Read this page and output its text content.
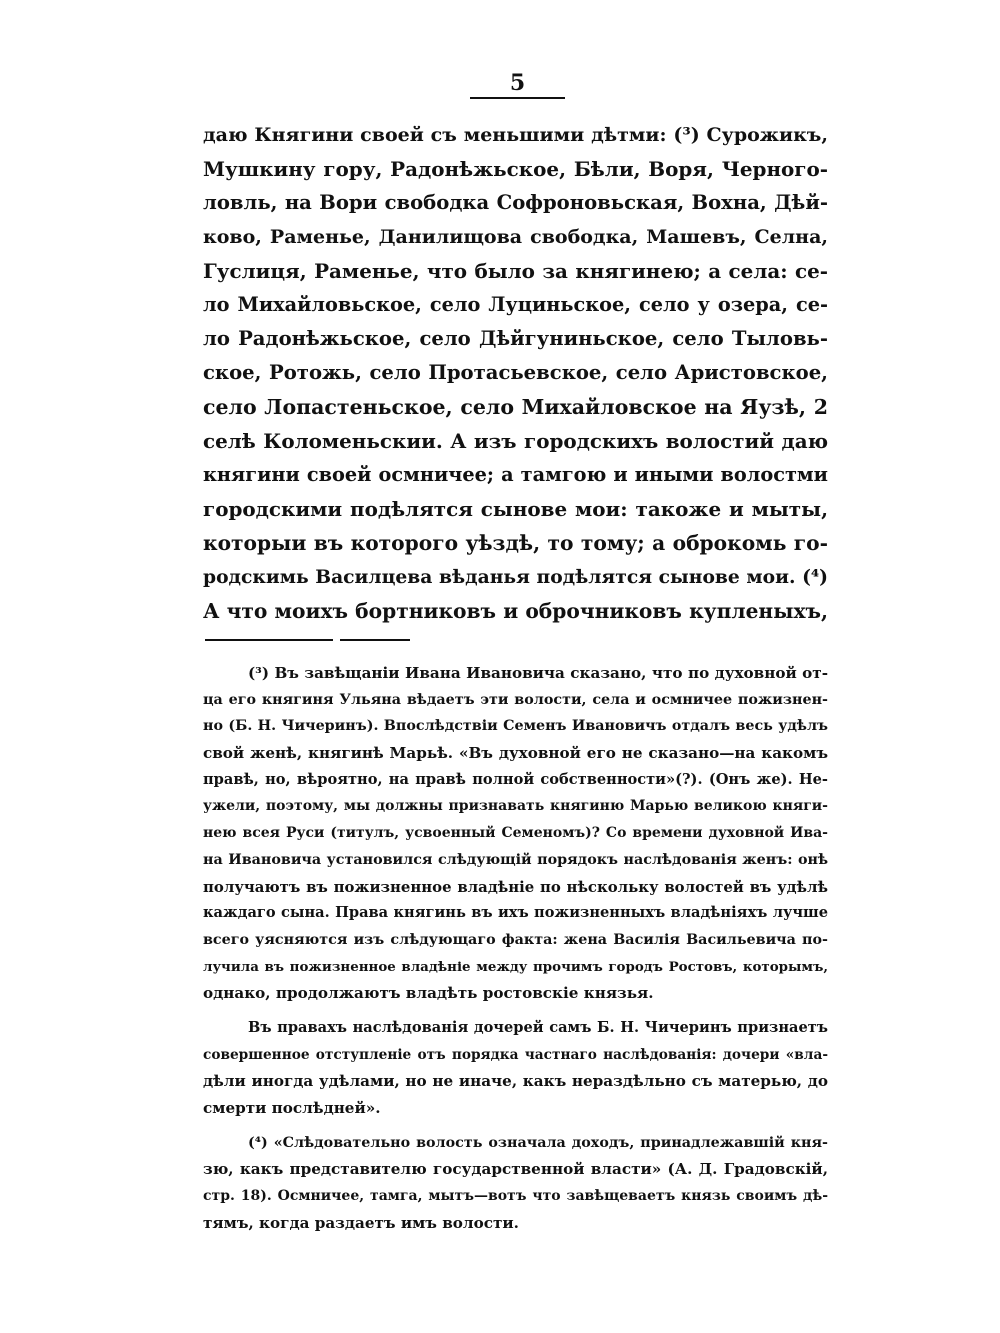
5
даю Княгини своей съ меньшими дѣтми: (³) Сурожикъ,
Мушкину гору, Радонѣжьское, Бѣли, Воря, Черного-
ловль, на Вори свободка Софроновьская, Вохна, Дѣй-
ково, Раменье, Данилищова свободка, Машевъ, Селна,
Гуслиця, Раменье, что было за княгинею; а села: се-
ло Михайловьское, село Луциньское, село у озера, се-
ло Радонѣжьское, село Дѣйгуниньское, село Тыловь-
ское, Ротожь, село Протасьевское, село Аристовское,
село Лопастеньское, село Михайловское на Яузѣ, 2
селѣ Коломеньскии. А изъ городскихъ волостий даю
княгини своей осмничее; а тамгою и иными волостми
городскими подѣлятся сынове мои: такоже и мыты,
которыи въ которого уѣздѣ, то тому; а оброкомь го-
родскимь Василцева вѣданья подѣлятся сынове мои. (⁴)
А что моихъ бортниковъ и оброчниковъ купленыхъ,
(³) Въ завѣщаніи Ивана Ивановича сказано, что по духовной от-
ца его княгиня Ульяна вѣдаетъ эти волости, села и осмничее пожизнен-
но (Б. Н. Чичеринъ). Впослѣдствіи Семенъ Ивановичъ отдалъ весь удѣлъ
свой женѣ, княгинѣ Марьѣ. «Въ духовной его не сказано—на какомъ
правѣ, но, вѣроятно, на правѣ полной собственности»(?). (Онъ же). Не-
ужели, поэтому, мы должны признавать княгиню Марью великою княги-
нею всея Руси (титулъ, усвоенный Семеномъ)? Со времени духовной Ива-
на Ивановича установился слѣдующій порядокъ наслѣдованія женъ: онѣ
получаютъ въ пожизненное владѣніе по нѣскольку волостей въ удѣлѣ
каждаго сына. Права княгинь въ ихъ пожизненныхъ владѣніяхъ лучше
всего уясняются изъ слѣдующаго факта: жена Василія Васильевича по-
лучила въ пожизненное владѣніе между прочимъ городъ Ростовъ, которымъ,
однако, продолжаютъ владѣть ростовскіе князья.
Въ правахъ наслѣдованія дочерей самъ Б. Н. Чичеринъ признаетъ
совершенное отступленіе отъ порядка частнаго наслѣдованія: дочери «вла-
дѣли иногда удѣлами, но не иначе, какъ нераздѣльно съ матерью, до
смерти послѣдней».
(⁴) «Слѣдовательно волость означала доходъ, принадлежавшій кня-
зю, какъ представителю государственной власти» (А. Д. Градовскій,
стр. 18). Осмничее, тамга, мытъ—вотъ что завѣщеваетъ князь своимъ дѣ-
тямъ, когда раздаетъ имъ волости.
